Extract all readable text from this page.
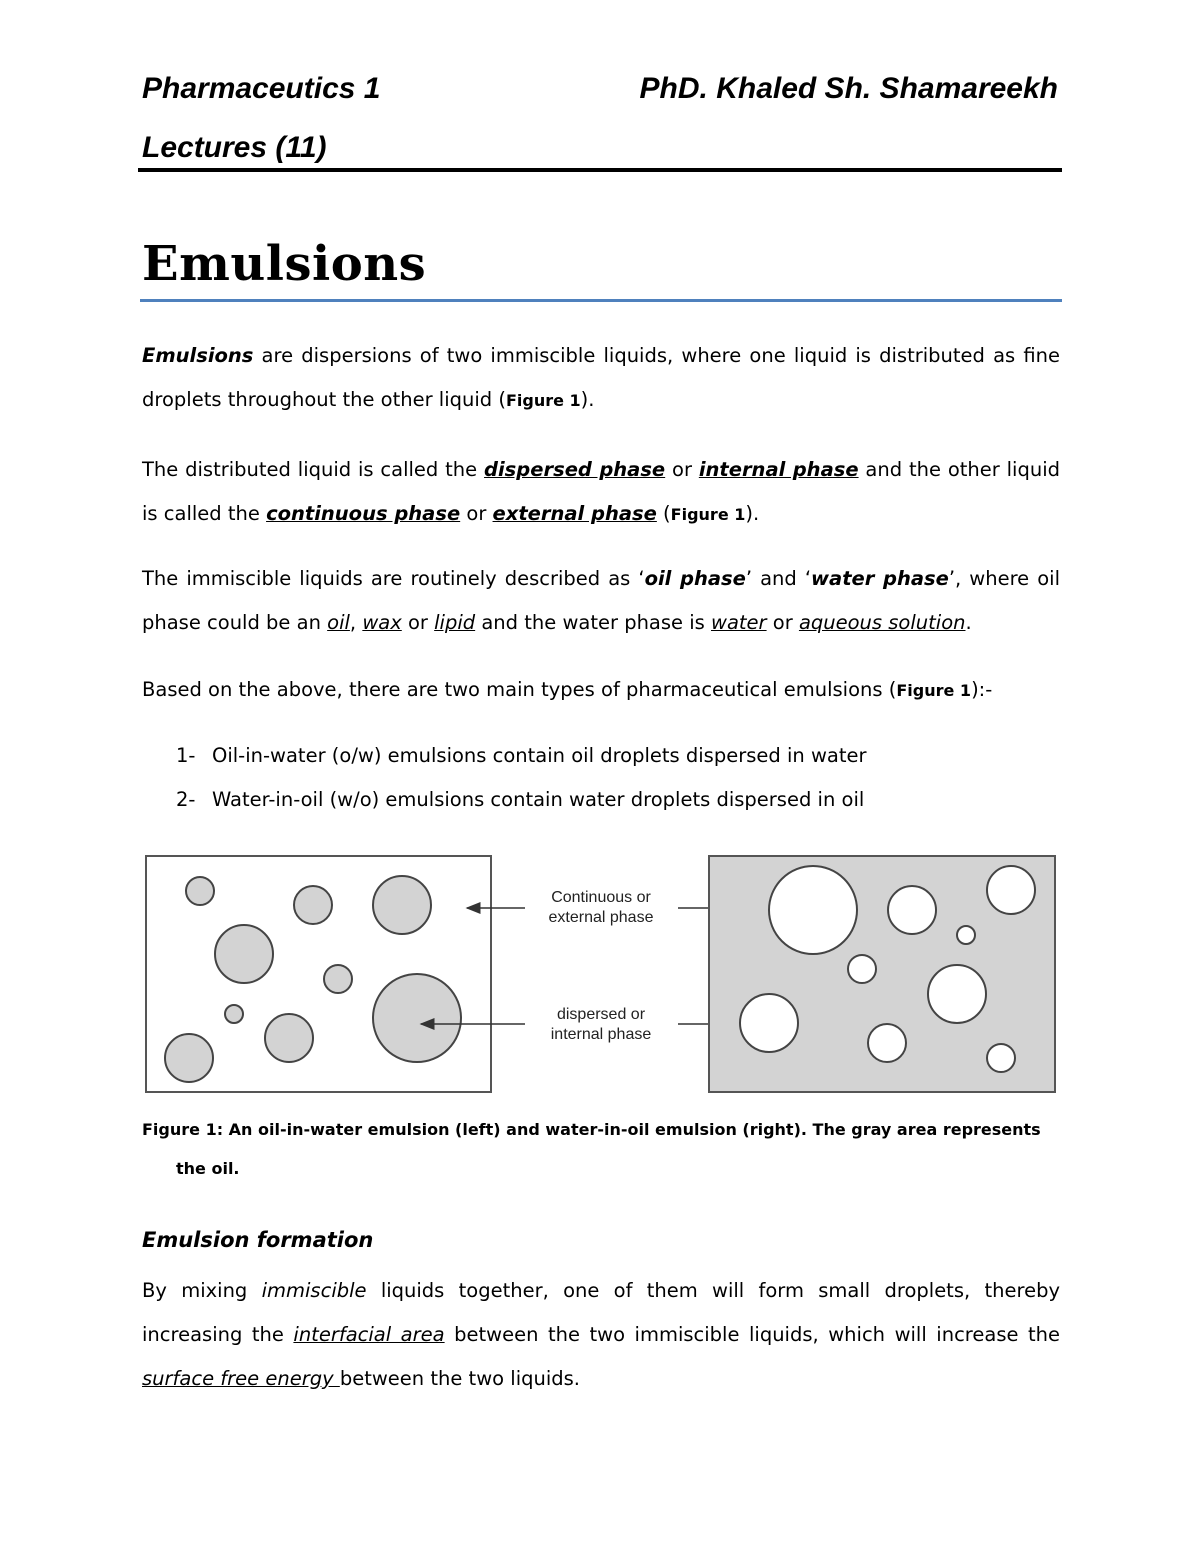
Pharmaceutics 1	PhD. Khaled Sh. Shamareekh
Lectures (11)
Emulsions
Emulsions are dispersions of two immiscible liquids, where one liquid is distributed as fine droplets throughout the other liquid (Figure 1).
The distributed liquid is called the dispersed phase or internal phase and the other liquid is called the continuous phase or external phase (Figure 1).
The immiscible liquids are routinely described as ‘oil phase’ and ‘water phase’, where oil phase could be an oil, wax or lipid and the water phase is water or aqueous solution.
Based on the above, there are two main types of pharmaceutical emulsions (Figure 1):-
1- Oil-in-water (o/w) emulsions contain oil droplets dispersed in water
2- Water-in-oil (w/o) emulsions contain water droplets dispersed in oil
Continuous or
external phase
dispersed or
internal phase
Figure 1: An oil-in-water emulsion (left) and water-in-oil emulsion (right). The gray area represents
the oil.
Emulsion formation
By mixing immiscible liquids together, one of them will form small droplets, thereby increasing the interfacial area between the two immiscible liquids, which will increase the surface free energy between the two liquids.
